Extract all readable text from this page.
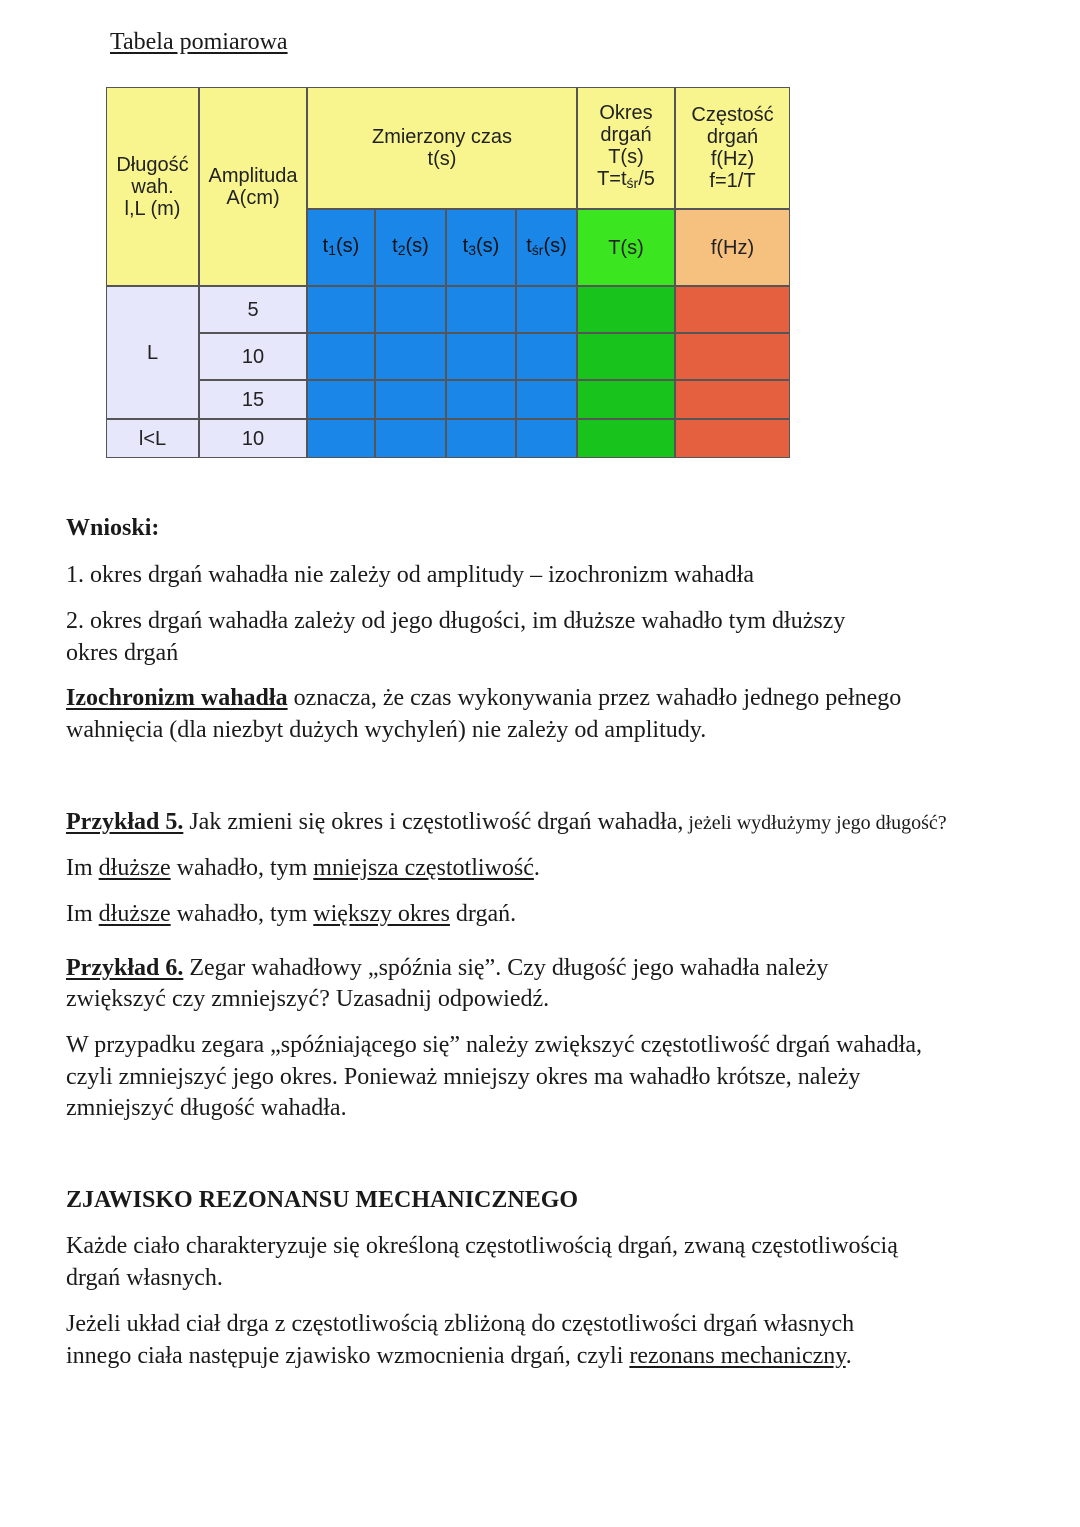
Tabela pomiarowa
Długość
wah.
l,L (m)
Amplituda
A(cm)
Zmierzony czas
t(s)
Okres
drgań
T(s)
$T=t_{śr}/5$
Częstość
drgań
f(Hz)
f=1/T
$t_1(s)$ $t_2(s)$ $t_3(s)$ $t_{śr}(s)$	T(s)	f(Hz)
L
l<L
5
10
15
10
Wnioski:
1. okres drgań wahadła nie zależy od amplitudy – izochronizm wahadła
2. okres drgań wahadła zależy od jego długości, im dłuższe wahadło tym dłuższy
okres drgań
Izochronizm wahadła oznacza, że czas wykonywania przez wahadło jednego pełnego
wahnięcia (dla niezbyt dużych wychyleń) nie zależy od amplitudy.
Przykład 5. Jak zmieni się okres i częstotliwość drgań wahadła, jeżeli wydłużymy jego długość?
Im dłuższe wahadło, tym mniejsza częstotliwość.
Im dłuższe wahadło, tym większy okres drgań.
Przykład 6. Zegar wahadłowy „spóźnia się”. Czy długość jego wahadła należy
zwiększyć czy zmniejszyć? Uzasadnij odpowiedź.
W przypadku zegara „spóźniającego się” należy zwiększyć częstotliwość drgań wahadła,
czyli zmniejszyć jego okres. Ponieważ mniejszy okres ma wahadło krótsze, należy
zmniejszyć długość wahadła.
ZJAWISKO REZONANSU MECHANICZNEGO
Każde ciało charakteryzuje się określoną częstotliwością drgań, zwaną częstotliwością
drgań własnych.
Jeżeli układ ciał drga z częstotliwością zbliżoną do częstotliwości drgań własnych
innego ciała następuje zjawisko wzmocnienia drgań, czyli rezonans mechaniczny.
